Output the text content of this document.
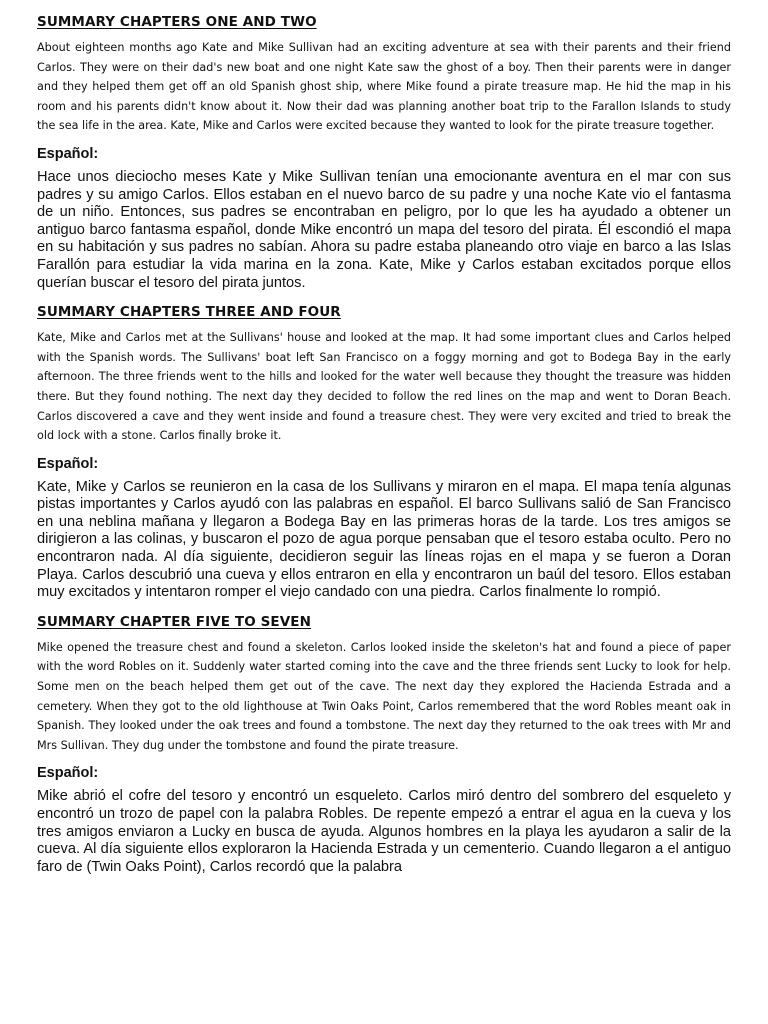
SUMMARY CHAPTERS ONE AND TWO

About eighteen months ago Kate and Mike Sullivan had an exciting adventure at sea with their parents and their friend Carlos. They were on their dad's new boat and one night Kate saw the ghost of a boy. Then their parents were in danger and they helped them get off an old Spanish ghost ship, where Mike found a pirate treasure map. He hid the map in his room and his parents didn't know about it. Now their dad was planning another boat trip to the Farallon Islands to study the sea life in the area. Kate, Mike and Carlos were excited because they wanted to look for the pirate treasure together.

Español:

Hace unos dieciocho meses Kate y Mike Sullivan tenían una emocionante aventura en el mar con sus padres y su amigo Carlos. Ellos estaban en el nuevo barco de su padre y una noche Kate vio el fantasma de un niño. Entonces, sus padres se encontraban en peligro, por lo que les ha ayudado a obtener un antiguo barco fantasma español, donde Mike encontró un mapa del tesoro del pirata. Él escondió el mapa en su habitación y sus padres no sabían. Ahora su padre estaba planeando otro viaje en barco a las Islas Farallón para estudiar la vida marina en la zona. Kate, Mike y Carlos estaban excitados porque ellos querían buscar el tesoro del pirata juntos.

SUMMARY CHAPTERS THREE AND FOUR

Kate, Mike and Carlos met at the Sullivans' house and looked at the map. It had some important clues and Carlos helped with the Spanish words. The Sullivans' boat left San Francisco on a foggy morning and got to Bodega Bay in the early afternoon. The three friends went to the hills and looked for the water well because they thought the treasure was hidden there. But they found nothing. The next day they decided to follow the red lines on the map and went to Doran Beach. Carlos discovered a cave and they went inside and found a treasure chest. They were very excited and tried to break the old lock with a stone. Carlos finally broke it.

Español:

Kate, Mike y Carlos se reunieron en la casa de los Sullivans y miraron en el mapa. El mapa tenía algunas pistas importantes y Carlos ayudó con las palabras en español. El barco Sullivans salió de San Francisco en una neblina mañana y llegaron a Bodega Bay en las primeras horas de la tarde. Los tres amigos se dirigieron a las colinas, y buscaron el pozo de agua porque pensaban que el tesoro estaba oculto. Pero no encontraron nada. Al día siguiente, decidieron seguir las líneas rojas en el mapa y se fueron a Doran Playa. Carlos descubrió una cueva y ellos entraron en ella y encontraron un baúl del tesoro. Ellos estaban muy excitados y intentaron romper el viejo candado con una piedra. Carlos finalmente lo rompió.

SUMMARY CHAPTER FIVE TO SEVEN

Mike opened the treasure chest and found a skeleton. Carlos looked inside the skeleton's hat and found a piece of paper with the word Robles on it. Suddenly water started coming into the cave and the three friends sent Lucky to look for help. Some men on the beach helped them get out of the cave. The next day they explored the Hacienda Estrada and a cemetery. When they got to the old lighthouse at Twin Oaks Point, Carlos remembered that the word Robles meant oak in Spanish. They looked under the oak trees and found a tombstone. The next day they returned to the oak trees with Mr and Mrs Sullivan. They dug under the tombstone and found the pirate treasure.

Español:

Mike abrió el cofre del tesoro y encontró un esqueleto. Carlos miró dentro del sombrero del esqueleto y encontró un trozo de papel con la palabra Robles. De repente empezó a entrar el agua en la cueva y los tres amigos enviaron a Lucky en busca de ayuda. Algunos hombres en la playa les ayudaron a salir de la cueva. Al día siguiente ellos exploraron la Hacienda Estrada y un cementerio. Cuando llegaron a el antiguo faro de (Twin Oaks Point), Carlos recordó que la palabra
